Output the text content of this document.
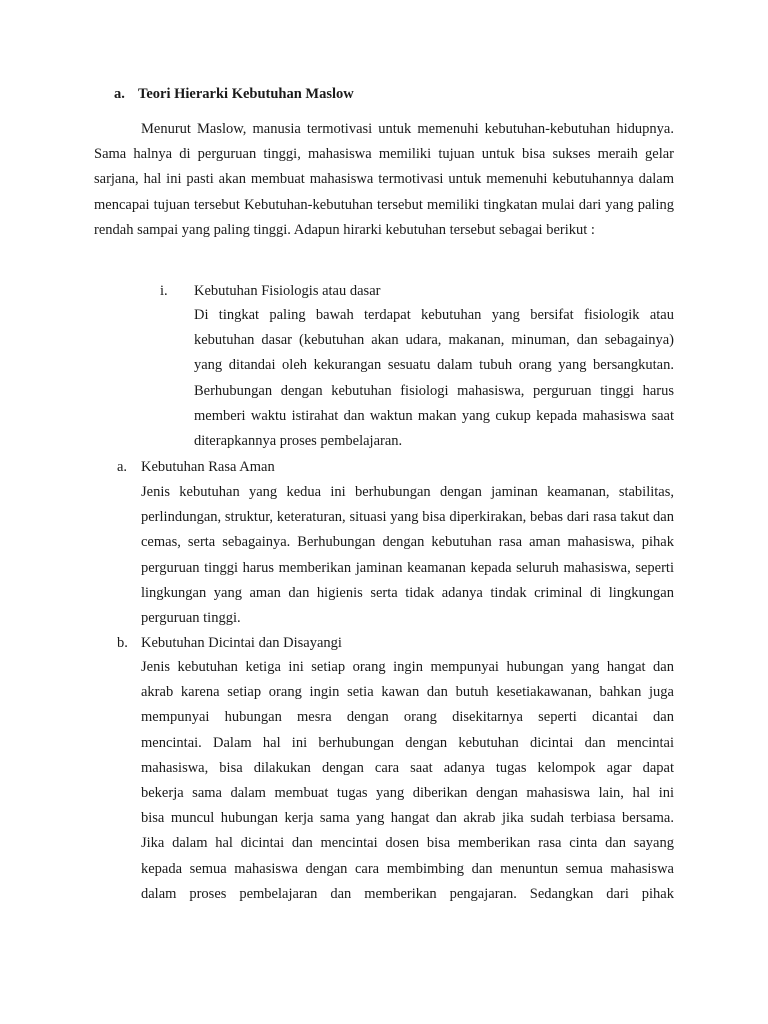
a. Teori Hierarki Kebutuhan Maslow
Menurut Maslow, manusia termotivasi untuk memenuhi kebutuhan-kebutuhan hidupnya. Sama halnya di perguruan tinggi, mahasiswa memiliki tujuan untuk bisa sukses meraih gelar sarjana, hal ini pasti akan membuat mahasiswa termotivasi untuk memenuhi kebutuhannya dalam mencapai tujuan tersebut Kebutuhan-kebutuhan tersebut memiliki tingkatan mulai dari yang paling rendah sampai yang paling tinggi. Adapun hirarki kebutuhan tersebut sebagai berikut :
i. Kebutuhan Fisiologis atau dasar
Di tingkat paling bawah terdapat kebutuhan yang bersifat fisiologik atau kebutuhan dasar (kebutuhan akan udara, makanan, minuman, dan sebagainya) yang ditandai oleh kekurangan sesuatu dalam tubuh orang yang bersangkutan. Berhubungan dengan kebutuhan fisiologi mahasiswa, perguruan tinggi harus memberi waktu istirahat dan waktun makan yang cukup kepada mahasiswa saat diterapkannya proses pembelajaran.
a. Kebutuhan Rasa Aman
Jenis kebutuhan yang kedua ini berhubungan dengan jaminan keamanan, stabilitas, perlindungan, struktur, keteraturan, situasi yang bisa diperkirakan, bebas dari rasa takut dan cemas, serta sebagainya. Berhubungan dengan kebutuhan rasa aman mahasiswa, pihak perguruan tinggi harus memberikan jaminan keamanan kepada seluruh mahasiswa, seperti lingkungan yang aman dan higienis serta tidak adanya tindak criminal di lingkungan perguruan tinggi.
b. Kebutuhan Dicintai dan Disayangi
Jenis kebutuhan ketiga ini setiap orang ingin mempunyai hubungan yang hangat dan
akrab karena setiap orang ingin setia kawan dan butuh kesetiakawanan, bahkan juga
mempunyai hubungan mesra dengan orang disekitarnya seperti dicantai dan
mencintai. Dalam hal ini berhubungan dengan kebutuhan dicintai dan mencintai
mahasiswa, bisa dilakukan dengan cara saat adanya tugas kelompok agar dapat
bekerja sama dalam membuat tugas yang diberikan dengan mahasiswa lain, hal ini
bisa muncul hubungan kerja sama yang hangat dan akrab jika sudah terbiasa bersama.
Jika dalam hal dicintai dan mencintai dosen bisa memberikan rasa cinta dan sayang
kepada semua mahasiswa dengan cara membimbing dan menuntun semua mahasiswa
dalam proses pembelajaran dan memberikan pengajaran. Sedangkan dari pihak
